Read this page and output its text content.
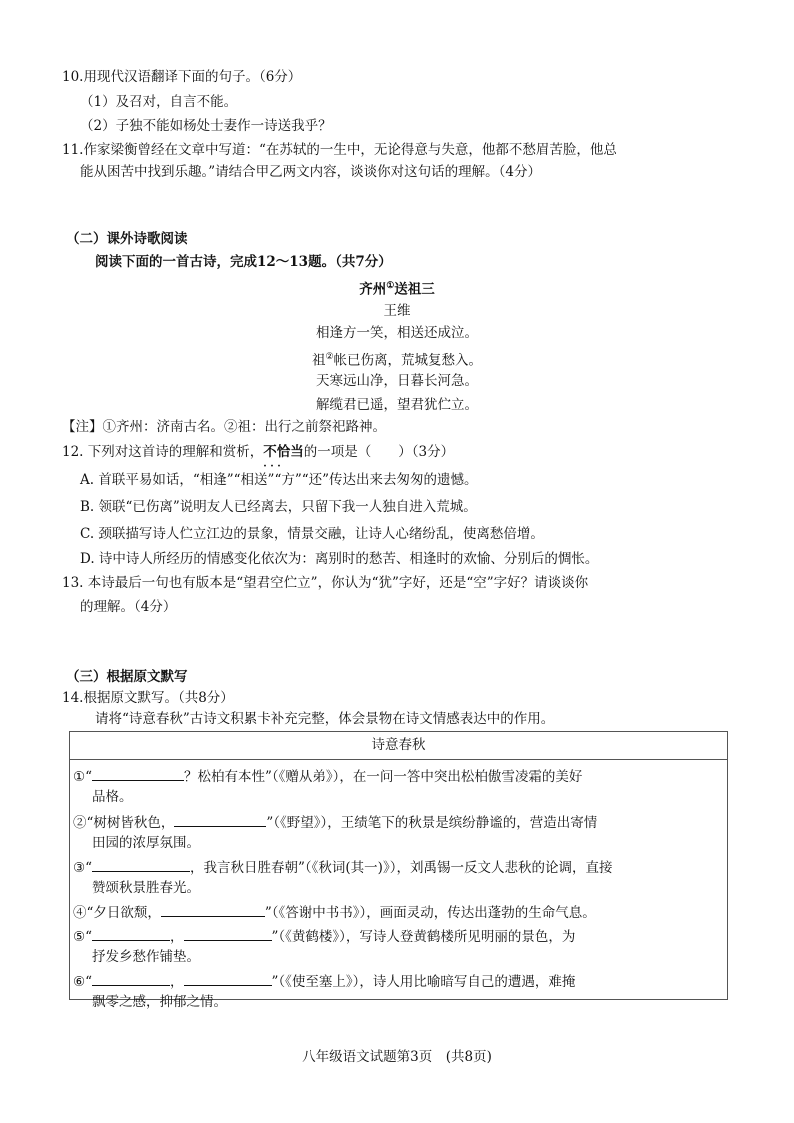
10.用现代汉语翻译下面的句子。（6分）
（1）及召对，自言不能。
（2）子独不能如杨处士妻作一诗送我乎？
11.作家梁衡曾经在文章中写道：“在苏轼的一生中，无论得意与失意，他都不愁眉苦脸，他总
能从困苦中找到乐趣。”请结合甲乙两文内容，谈谈你对这句话的理解。（4分）
（二）课外诗歌阅读
阅读下面的一首古诗，完成12～13题。（共7分）
齐州①送祖三
王维
相逢方一笑，相送还成泣。
祖②帐已伤离，荒城复愁入。
天寒远山净，日暮长河急。
解缆君已遥，望君犹伫立。
【注】①齐州：济南古名。②祖：出行之前祭祀路神。
12. 下列对这首诗的理解和赏析，不恰当 · · ·的一项是（　　）（3分）
A. 首联平易如话，“相逢”“相送”“方”“还”传达出来去匆匆的遗憾。
B. 领联“已伤离”说明友人已经离去，只留下我一人独自进入荒城。
C. 颈联描写诗人伫立江边的景象，情景交融，让诗人心绪纷乱，使离愁倍增。
D. 诗中诗人所经历的情感变化依次为：离别时的愁苦、相逢时的欢愉、分别后的惆怅。
13. 本诗最后一句也有版本是“望君空伫立”，你认为“犹”字好，还是“空”字好？请谈谈你
的理解。（4分）
（三）根据原文默写
14.根据原文默写。（共8分）
请将“诗意春秋”古诗文积累卡补充完整，体会景物在诗文情感表达中的作用。
诗意春秋
①“	？松柏有本性”（《赠从弟》），在一问一答中突出松柏傲雪凌霜的美好
品格。
②“树树皆秋色，	”（《野望》），王绩笔下的秋景是缤纷静谧的，营造出寄情
田园的浓厚氛围。
③“	，我言秋日胜春朝”（《秋词(其一)》），刘禹锡一反文人悲秋的论调，直接
赞颂秋景胜春光。
④“夕日欲颓，	”（《答谢中书书》），画面灵动，传达出蓬勃的生命气息。
⑤“	，	”（《黄鹤楼》），写诗人登黄鹤楼所见明丽的景色，为
抒发乡愁作铺垫。
⑥“	，	”（《使至塞上》），诗人用比喻暗写自己的遭遇，难掩
飘零之感，抑郁之情。
八年级语文试题第3页　(共8页)
